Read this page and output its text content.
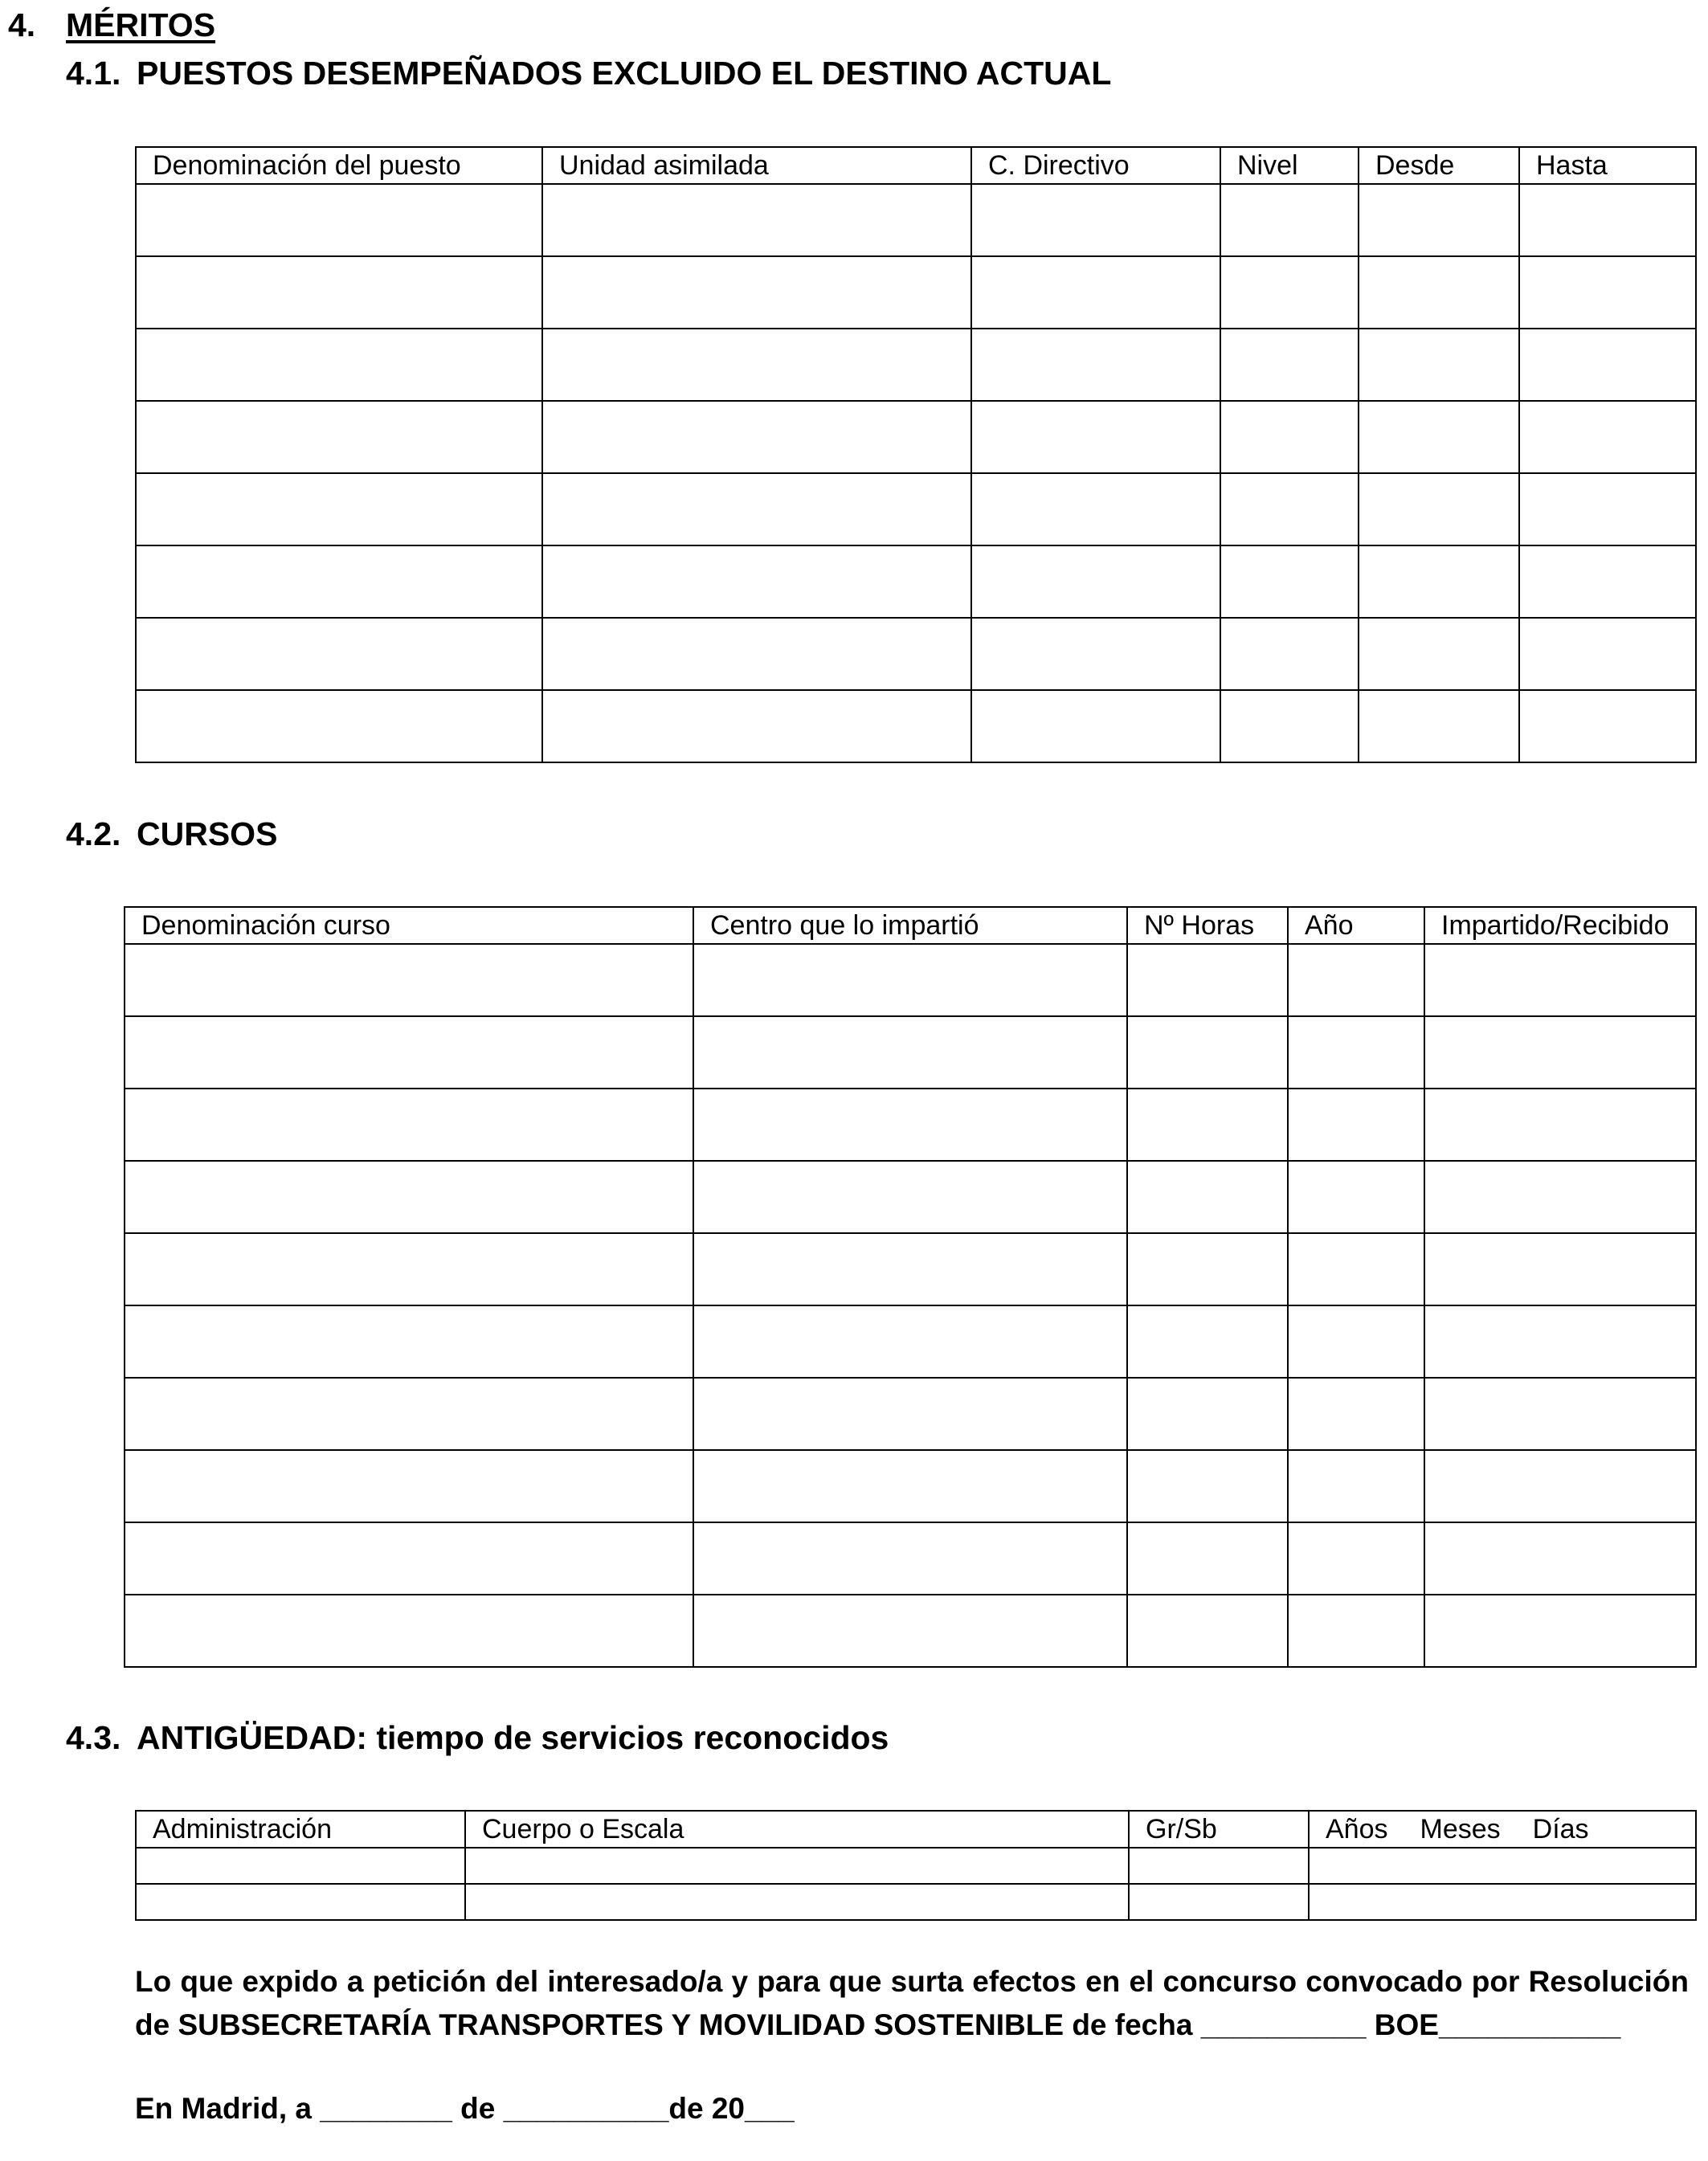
4. MÉRITOS
4.1. PUESTOS DESEMPEÑADOS EXCLUIDO EL DESTINO ACTUAL
Denominación del puesto	Unidad asimilada	C. Directivo	Nivel	Desde	Hasta

4.2. CURSOS
Denominación curso	Centro que lo impartió	Nº Horas	Año	Impartido/Recibido

4.3. ANTIGÜEDAD: tiempo de servicios reconocidos
Administración	Cuerpo o Escala	Gr/Sb	Años Meses Días

Lo que expido a petición del interesado/a y para que surta efectos en el concurso convocado por Resolución de SUBSECRETARÍA TRANSPORTES Y MOVILIDAD SOSTENIBLE de fecha __________ BOE___________
En Madrid, a ________ de __________de 20___
